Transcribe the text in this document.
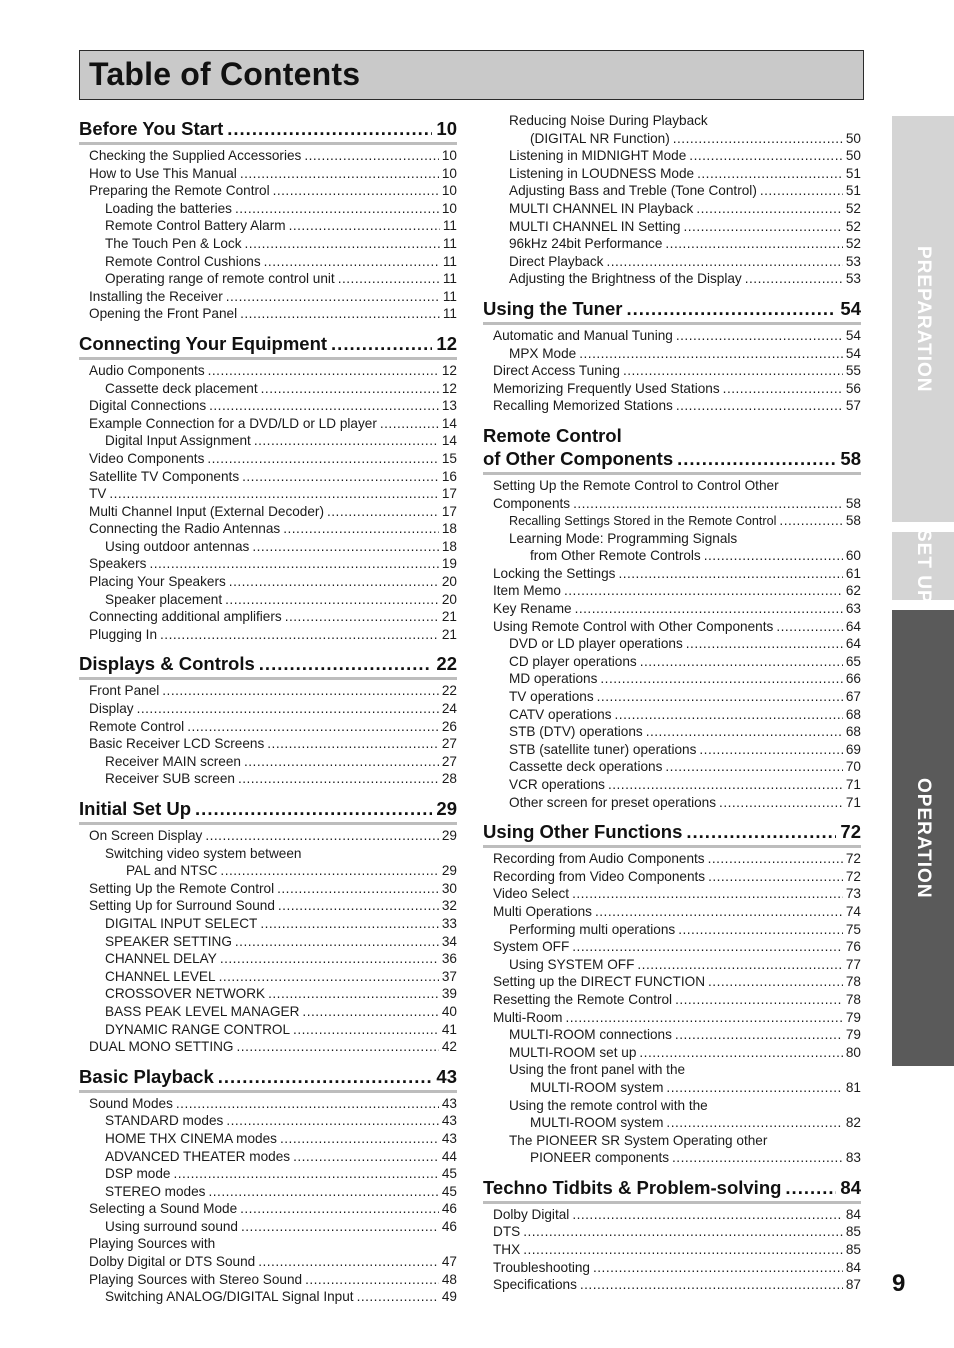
Table of Contents
Before You Start .....	10
Checking the Supplied Accessories .....	10
How to Use This Manual .....	10
Preparing the Remote Control .....	10
Loading the batteries .....	10
Remote Control Battery Alarm .....	11
The Touch Pen & Lock .....	11
Remote Control Cushions .....	11
Operating range of remote control unit .....	11
Installing the Receiver .....	11
Opening the Front Panel .....	11
Connecting Your Equipment .....	12
Audio Components .....	12
Cassette deck placement .....	12
Digital Connections .....	13
Example Connection for a DVD/LD or LD player .....	14
Digital Input Assignment .....	14
Video Components .....	15
Satellite TV Components .....	16
TV .....	17
Multi Channel Input (External Decoder) .....	17
Connecting the Radio Antennas .....	18
Using outdoor antennas .....	18
Speakers .....	19
Placing Your Speakers .....	20
Speaker placement .....	20
Connecting additional amplifiers .....	21
Plugging In .....	21
Displays & Controls .....	22
Front Panel .....	22
Display .....	24
Remote Control .....	26
Basic Receiver LCD Screens .....	27
Receiver MAIN screen .....	27
Receiver SUB screen .....	28
Initial Set Up .....	29
On Screen Display .....	29
Switching video system between
PAL and NTSC .....	29
Setting Up the Remote Control .....	30
Setting Up for Surround Sound .....	32
DIGITAL INPUT SELECT .....	33
SPEAKER SETTING .....	34
CHANNEL DELAY .....	36
CHANNEL LEVEL .....	37
CROSSOVER NETWORK .....	39
BASS PEAK LEVEL MANAGER .....	40
DYNAMIC RANGE CONTROL .....	41
DUAL MONO SETTING .....	42
Basic Playback .....	43
Sound Modes .....	43
STANDARD modes .....	43
HOME THX CINEMA modes .....	43
ADVANCED THEATER modes .....	44
DSP mode .....	45
STEREO modes .....	45
Selecting a Sound Mode .....	46
Using surround sound .....	46
Playing Sources with
Dolby Digital or DTS Sound .....	47
Playing Sources with Stereo Sound .....	48
Switching ANALOG/DIGITAL Signal Input .....	49
Reducing Noise During Playback
(DIGITAL NR Function) .....	50
Listening in MIDNIGHT Mode .....	50
Listening in LOUDNESS Mode .....	51
Adjusting Bass and Treble (Tone Control) .....	51
MULTI CHANNEL IN Playback .....	52
MULTI CHANNEL IN Setting .....	52
96kHz 24bit Performance .....	52
Direct Playback .....	53
Adjusting the Brightness of the Display .....	53
Using the Tuner .....	54
Automatic and Manual Tuning .....	54
MPX Mode .....	54
Direct Access Tuning .....	55
Memorizing Frequently Used Stations .....	56
Recalling Memorized Stations .....	57
Remote Control
of Other Components .....	58
Setting Up the Remote Control to Control Other
Components .....	58
Recalling Settings Stored in the Remote Control .....	58
Learning Mode: Programming Signals
from Other Remote Controls .....	60
Locking the Settings .....	61
Item Memo .....	62
Key Rename .....	63
Using Remote Control with Other Components .....	64
DVD or LD player operations .....	64
CD player operations .....	65
MD operations .....	66
TV operations .....	67
CATV operations .....	68
STB (DTV) operations .....	68
STB (satellite tuner) operations .....	69
Cassette deck operations .....	70
VCR operations .....	71
Other screen for preset operations .....	71
Using Other Functions .....	72
Recording from Audio Components .....	72
Recording from Video Components .....	72
Video Select .....	73
Multi Operations .....	74
Performing multi operations .....	75
System OFF .....	76
Using SYSTEM OFF .....	77
Setting up the DIRECT FUNCTION .....	78
Resetting the Remote Control .....	78
Multi-Room .....	79
MULTI-ROOM connections .....	79
MULTI-ROOM set up .....	80
Using the front panel with the
MULTI-ROOM system .....	81
Using the remote control with the
MULTI-ROOM system .....	82
The PIONEER SR System Operating other
PIONEER components .....	83
Techno Tidbits & Problem-solving .....	84
Dolby Digital .....	84
DTS .....	85
THX .....	85
Troubleshooting .....	84
Specifications .....	87
PREPARATION
SET UP
OPERATION
9
